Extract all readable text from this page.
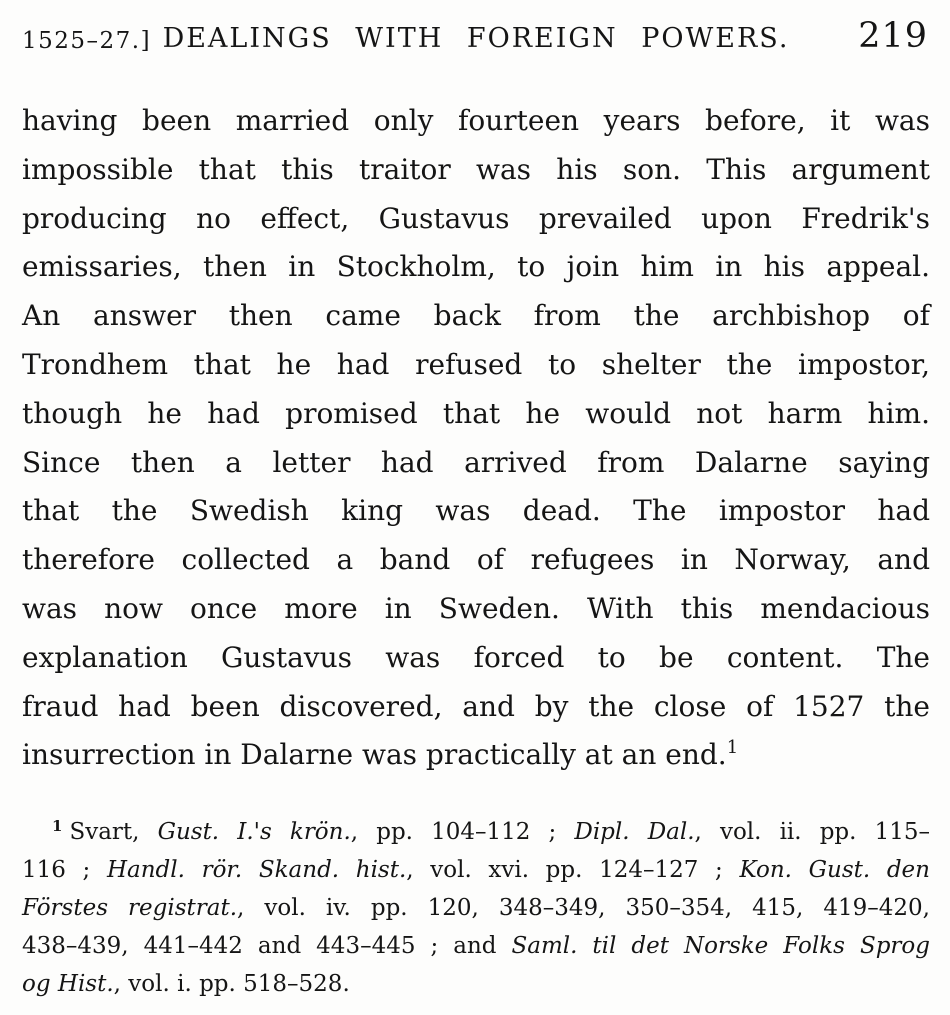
1525–27.] DEALINGS WITH FOREIGN POWERS. 219
having been married only fourteen years before, it was
impossible that this traitor was his son. This argument
producing no effect, Gustavus prevailed upon Fredrik's
emissaries, then in Stockholm, to join him in his appeal.
An answer then came back from the archbishop of
Trondhem that he had refused to shelter the impostor,
though he had promised that he would not harm him.
Since then a letter had arrived from Dalarne saying
that the Swedish king was dead. The impostor had
therefore collected a band of refugees in Norway, and
was now once more in Sweden. With this mendacious
explanation Gustavus was forced to be content. The
fraud had been discovered, and by the close of 1527 the
insurrection in Dalarne was practically at an end.$^1$
$^1$ Svart, Gust. I.'s krön., pp. 104–112 ; Dipl. Dal., vol. ii. pp. 115–
116 ; Handl. rör. Skand. hist., vol. xvi. pp. 124–127 ; Kon. Gust. den
Förstes registrat., vol. iv. pp. 120, 348–349, 350–354, 415, 419–420,
438–439, 441–442 and 443–445 ; and Saml. til det Norske Folks Sprog
og Hist., vol. i. pp. 518–528.
